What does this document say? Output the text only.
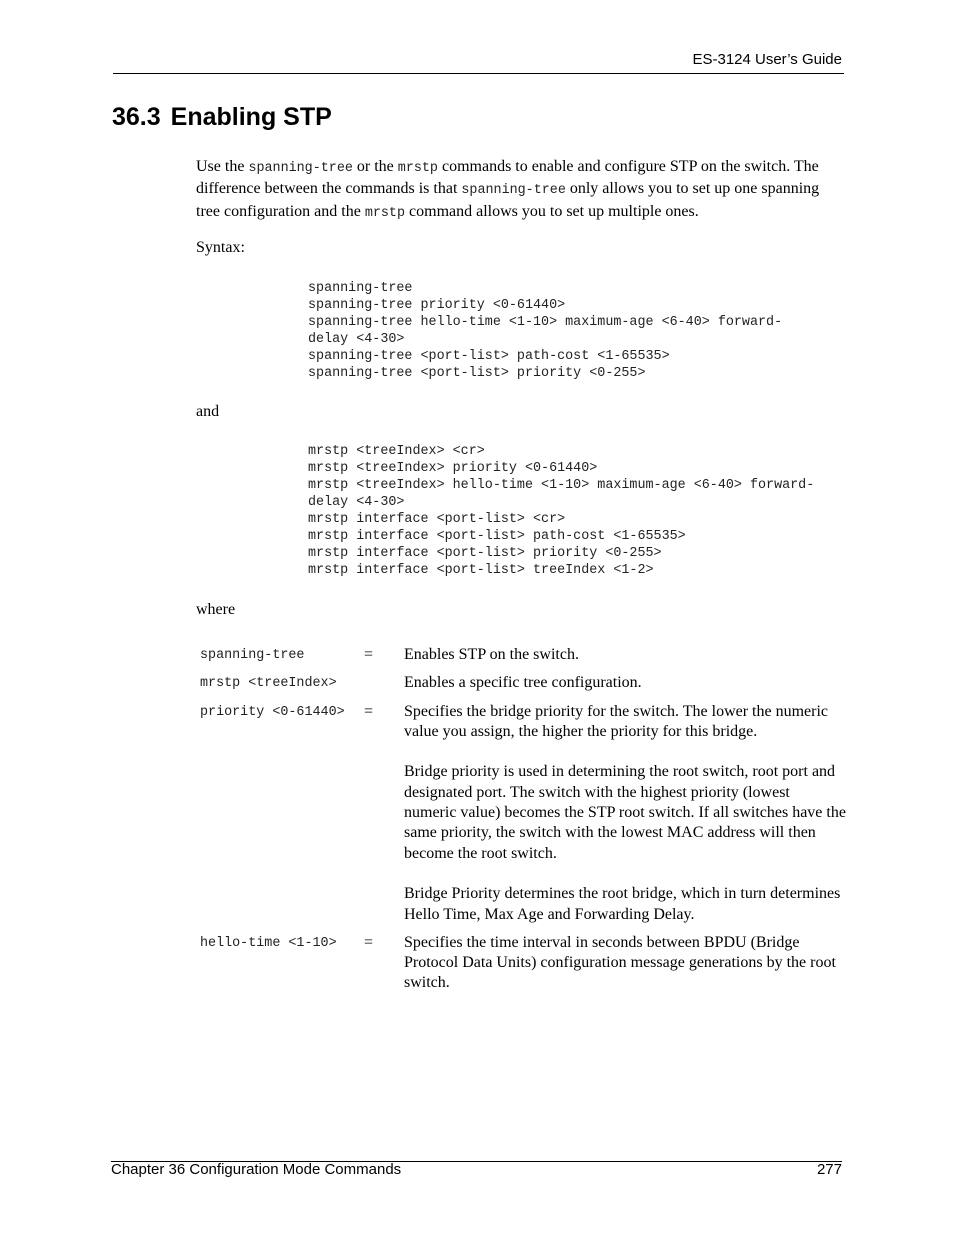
ES-3124 User’s Guide
36.3 Enabling STP

Use the spanning-tree or the mrstp commands to enable and configure STP on the switch. The difference between the commands is that spanning-tree only allows you to set up one spanning tree configuration and the mrstp command allows you to set up multiple ones.

Syntax:

spanning-tree
spanning-tree priority <0-61440>
spanning-tree hello-time <1-10> maximum-age <6-40> forward-
delay <4-30>
spanning-tree <port-list> path-cost <1-65535>
spanning-tree <port-list> priority <0-255>

and

mrstp <treeIndex> <cr>
mrstp <treeIndex> priority <0-61440>
mrstp <treeIndex> hello-time <1-10> maximum-age <6-40> forward-
delay <4-30>
mrstp interface <port-list> <cr>
mrstp interface <port-list> path-cost <1-65535>
mrstp interface <port-list> priority <0-255>
mrstp interface <port-list> treeIndex <1-2>

where

spanning-tree	=	Enables STP on the switch.

mrstp <treeIndex>		Enables a specific tree configuration.

priority <0-61440>	=	Specifies the bridge priority for the switch. The lower the numeric value you assign, the higher the priority for this bridge.

Bridge priority is used in determining the root switch, root port and designated port. The switch with the highest priority (lowest numeric value) becomes the STP root switch. If all switches have the same priority, the switch with the lowest MAC address will then become the root switch.

Bridge Priority determines the root bridge, which in turn determines Hello Time, Max Age and Forwarding Delay.

hello-time <1-10>	=	Specifies the time interval in seconds between BPDU (Bridge Protocol Data Units) configuration message generations by the root switch.

Chapter 36 Configuration Mode Commands	277
